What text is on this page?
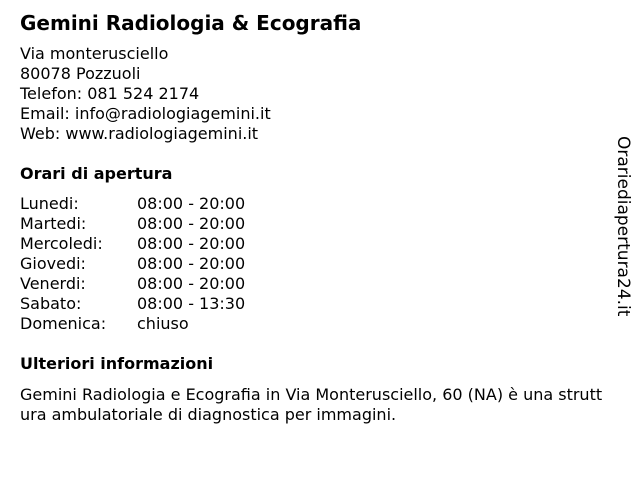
Gemini Radiologia & Ecografia
Via monterusciello
80078 Pozzuoli
Telefon: 081 524 2174
Email: info@radiologiagemini.it
Web: www.radiologiagemini.it
Orari di apertura
Lunedi:	08:00 - 20:00
Martedi:	08:00 - 20:00
Mercoledi: 08:00 - 20:00
Giovedi:	08:00 - 20:00
Venerdi:	08:00 - 20:00
Sabato:	08:00 - 13:30
Domenica: chiuso
Ulteriori informazioni
Gemini Radiologia e Ecografia in Via Monterusciello, 60 (NA) è una struttura ambulatoriale di diagnostica per immagini.
Orariediapertura24.it
